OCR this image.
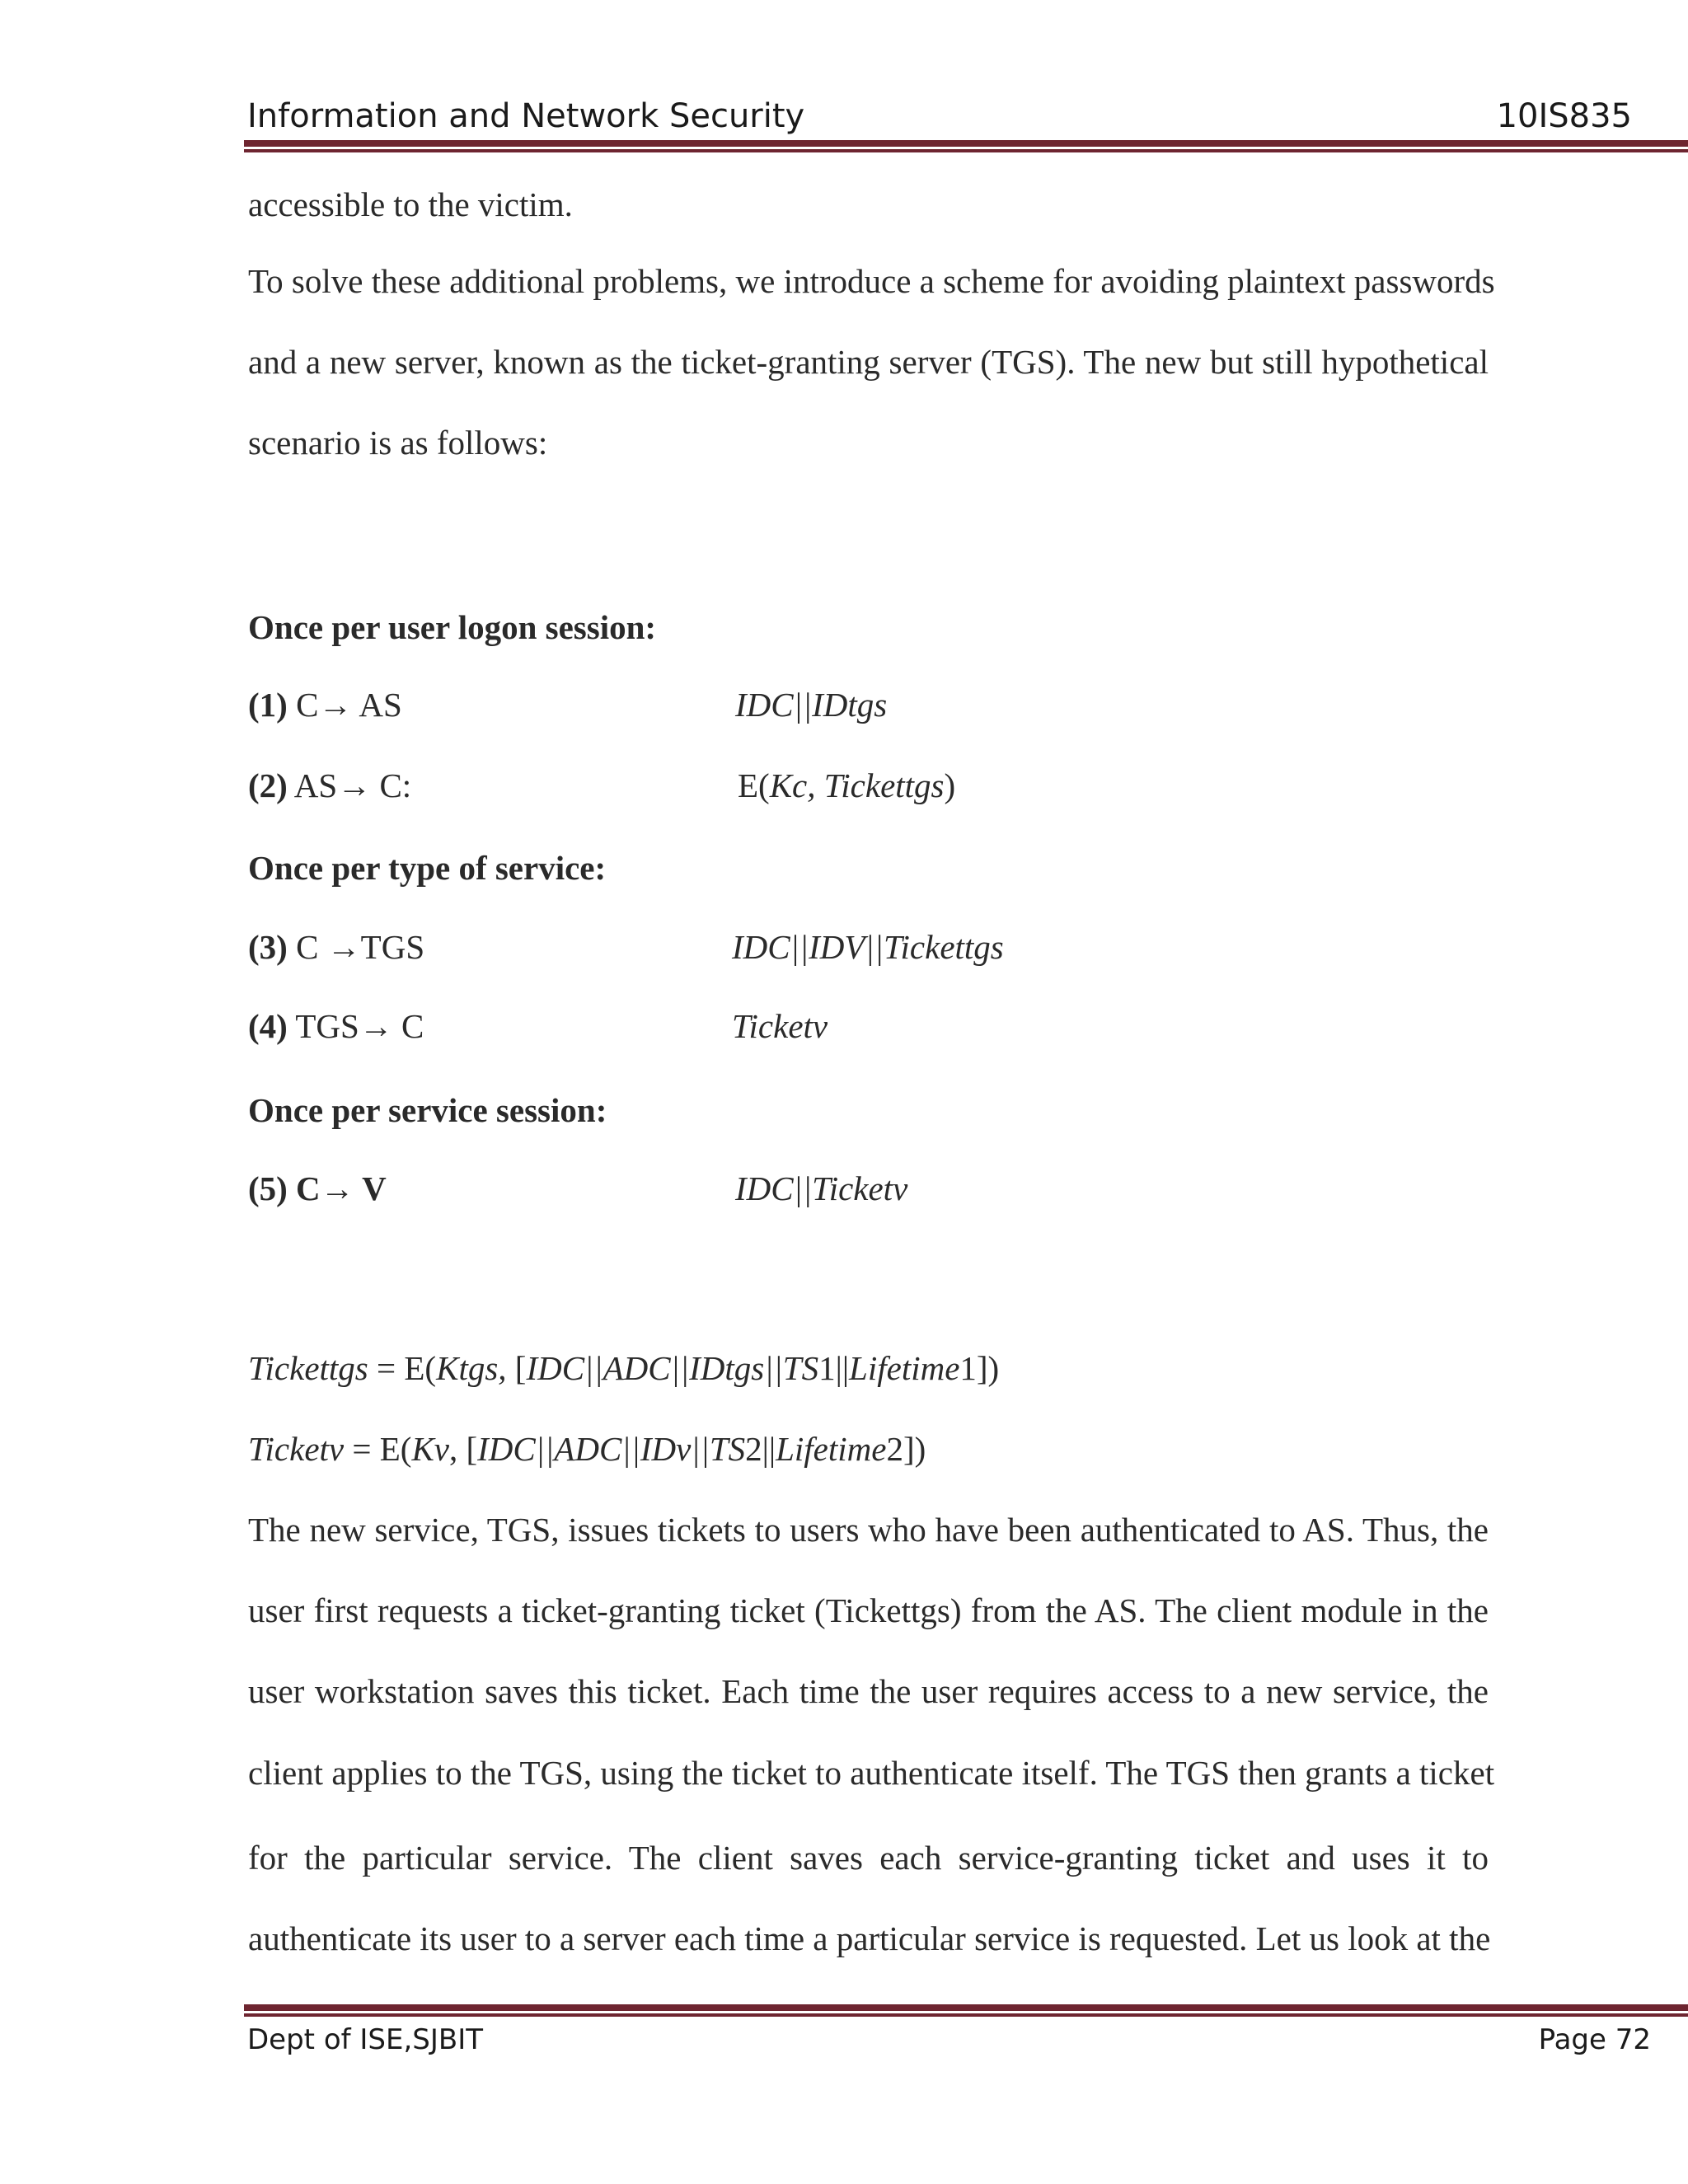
Information and Network Security	10IS835
accessible to the victim.
To solve these additional problems, we introduce a scheme for avoiding plaintext passwords
and a new server, known as the ticket-granting server (TGS). The new but still hypothetical
scenario is as follows:
Once per user logon session:
(1) C→ AS	IDC||IDtgs
(2) AS→ C:	E(Kc, Tickettgs)
Once per type of service:
(3) C →TGS	IDC||IDV||Tickettgs
(4) TGS→ C	Ticketv
Once per service session:
(5) C→ V	IDC||Ticketv
Tickettgs = E(Ktgs, [IDC||ADC||IDtgs||TS1||Lifetime1])
Ticketv = E(Kv, [IDC||ADC||IDv||TS2||Lifetime2])
The new service, TGS, issues tickets to users who have been authenticated to AS. Thus, the
user first requests a ticket-granting ticket (Tickettgs) from the AS. The client module in the
user workstation saves this ticket. Each time the user requires access to a new service, the
client applies to the TGS, using the ticket to authenticate itself. The TGS then grants a ticket
for the particular service. The client saves each service-granting ticket and uses it to
authenticate its user to a server each time a particular service is requested. Let us look at the
Dept of ISE,SJBIT	Page 72
